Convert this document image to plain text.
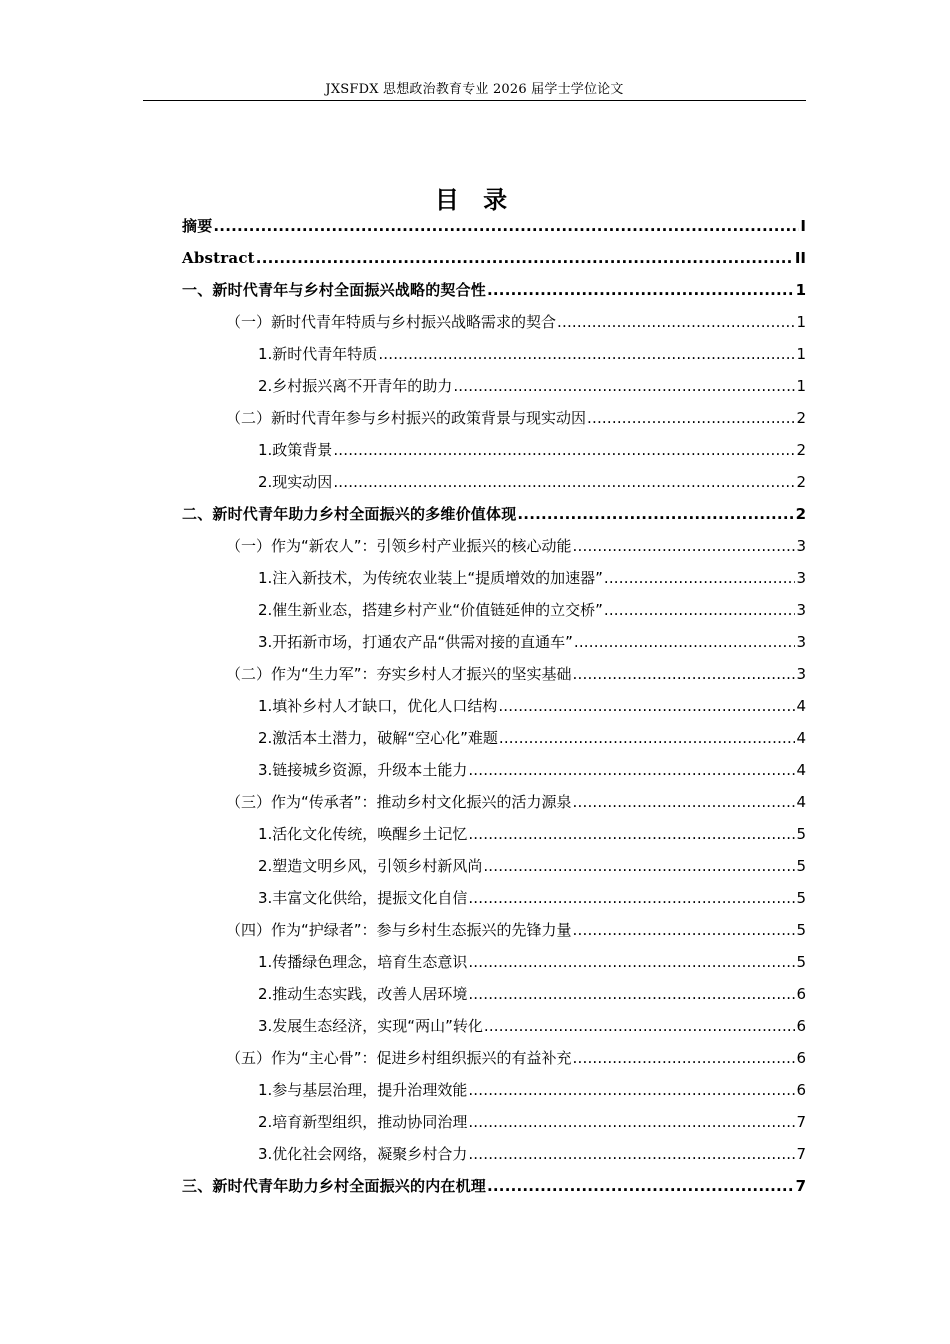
JXSFDX 思想政治教育专业 2026 届学士学位论文
目 录
摘要 .....	I
Abstract .....	II
一、新时代青年与乡村全面振兴战略的契合性 .....	1
（一）新时代青年特质与乡村振兴战略需求的契合 .....	1
1.新时代青年特质 .....	1
2.乡村振兴离不开青年的助力 .....	1
（二）新时代青年参与乡村振兴的政策背景与现实动因 .....	2
1.政策背景 .....	2
2.现实动因 .....	2
二、新时代青年助力乡村全面振兴的多维价值体现 .....	2
（一）作为“新农人”：引领乡村产业振兴的核心动能 .....	3
1.注入新技术，为传统农业装上“提质增效的加速器” .....	3
2.催生新业态，搭建乡村产业“价值链延伸的立交桥” .....	3
3.开拓新市场，打通农产品“供需对接的直通车” .....	3
（二）作为“生力军”：夯实乡村人才振兴的坚实基础 .....	3
1.填补乡村人才缺口，优化人口结构 .....	4
2.激活本土潜力，破解“空心化”难题 .....	4
3.链接城乡资源，升级本土能力 .....	4
（三）作为“传承者”：推动乡村文化振兴的活力源泉 .....	4
1.活化文化传统，唤醒乡土记忆 .....	5
2.塑造文明乡风，引领乡村新风尚 .....	5
3.丰富文化供给，提振文化自信 .....	5
（四）作为“护绿者”：参与乡村生态振兴的先锋力量 .....	5
1.传播绿色理念，培育生态意识 .....	5
2.推动生态实践，改善人居环境 .....	6
3.发展生态经济，实现“两山”转化 .....	6
（五）作为“主心骨”：促进乡村组织振兴的有益补充 .....	6
1.参与基层治理，提升治理效能 .....	6
2.培育新型组织，推动协同治理 .....	7
3.优化社会网络，凝聚乡村合力 .....	7
三、新时代青年助力乡村全面振兴的内在机理 .....	7
